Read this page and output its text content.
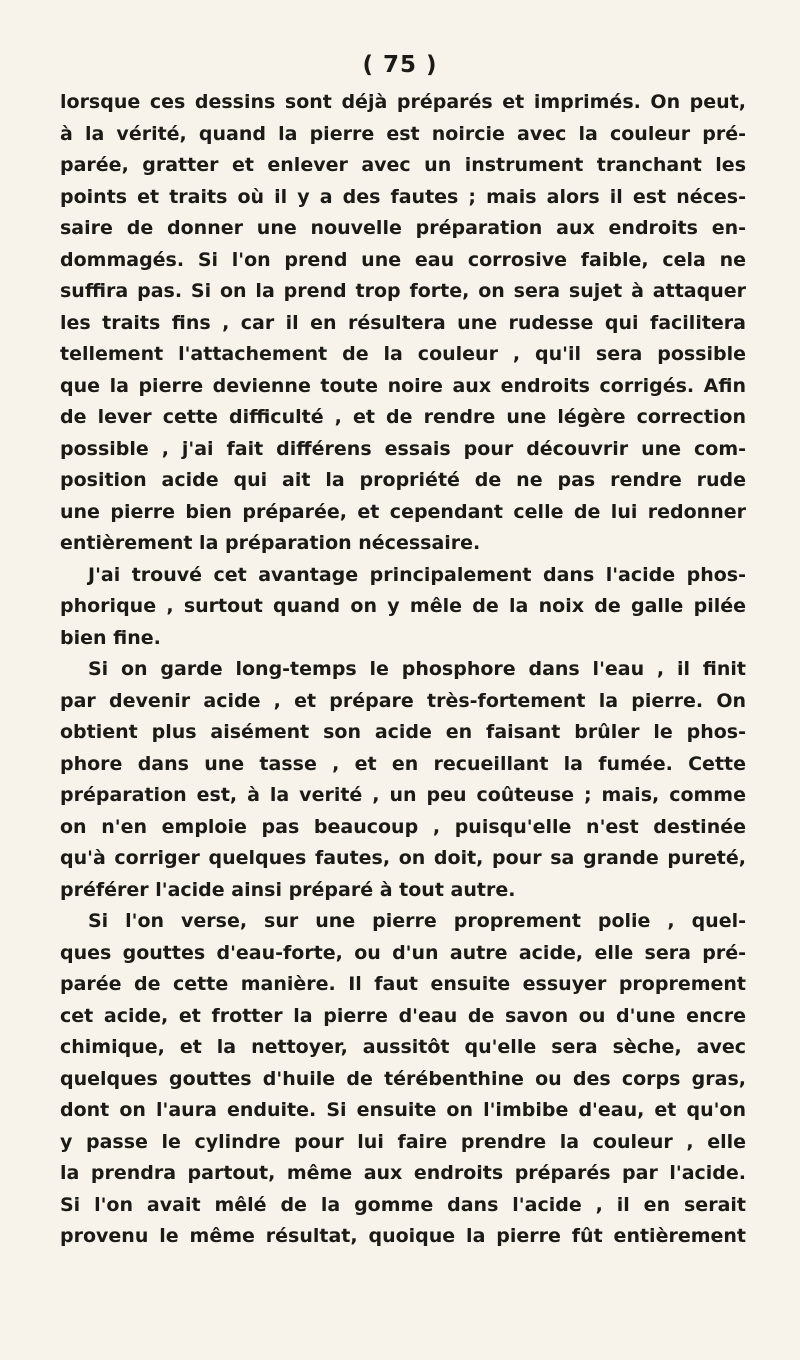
( 75 )
lorsque ces dessins sont déjà préparés et imprimés. On peut,
à la vérité, quand la pierre est noircie avec la couleur pré-
parée, gratter et enlever avec un instrument tranchant les
points et traits où il y a des fautes ; mais alors il est néces-
saire de donner une nouvelle préparation aux endroits en-
dommagés. Si l'on prend une eau corrosive faible, cela ne
suffira pas. Si on la prend trop forte, on sera sujet à attaquer
les traits fins , car il en résultera une rudesse qui facilitera
tellement l'attachement de la couleur , qu'il sera possible
que la pierre devienne toute noire aux endroits corrigés. Afin
de lever cette difficulté , et de rendre une légère correction
possible , j'ai fait différens essais pour découvrir une com-
position acide qui ait la propriété de ne pas rendre rude
une pierre bien préparée, et cependant celle de lui redonner
entièrement la préparation nécessaire.
J'ai trouvé cet avantage principalement dans l'acide phos-
phorique , surtout quand on y mêle de la noix de galle pilée
bien fine.
Si on garde long-temps le phosphore dans l'eau , il finit
par devenir acide , et prépare très-fortement la pierre. On
obtient plus aisément son acide en faisant brûler le phos-
phore dans une tasse , et en recueillant la fumée. Cette
préparation est, à la verité , un peu coûteuse ; mais, comme
on n'en emploie pas beaucoup , puisqu'elle n'est destinée
qu'à corriger quelques fautes, on doit, pour sa grande pureté,
préférer l'acide ainsi préparé à tout autre.
Si l'on verse, sur une pierre proprement polie , quel-
ques gouttes d'eau-forte, ou d'un autre acide, elle sera pré-
parée de cette manière. Il faut ensuite essuyer proprement
cet acide, et frotter la pierre d'eau de savon ou d'une encre
chimique, et la nettoyer, aussitôt qu'elle sera sèche, avec
quelques gouttes d'huile de térébenthine ou des corps gras,
dont on l'aura enduite. Si ensuite on l'imbibe d'eau, et qu'on
y passe le cylindre pour lui faire prendre la couleur , elle
la prendra partout, même aux endroits préparés par l'acide.
Si l'on avait mêlé de la gomme dans l'acide , il en serait
provenu le même résultat, quoique la pierre fût entièrement
